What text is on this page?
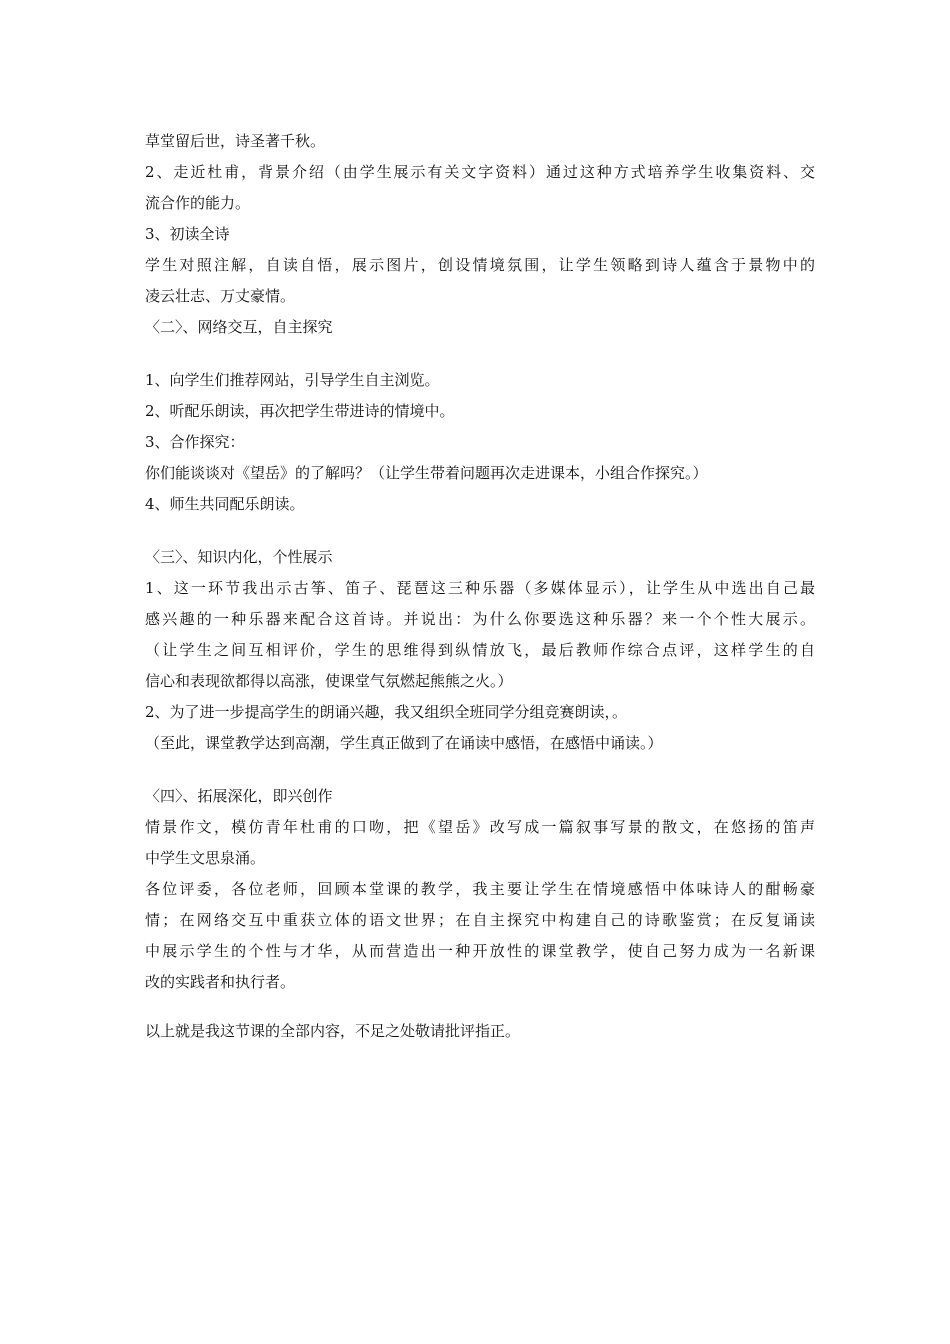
草堂留后世，诗圣著千秋。
2、走近杜甫，背景介绍（由学生展示有关文字资料）通过这种方式培养学生收集资料、交
流合作的能力。
3、初读全诗
学生对照注解，自读自悟，展示图片，创设情境氛围，让学生领略到诗人蕴含于景物中的
凌云壮志、万丈豪情。
〈二〉、网络交互，自主探究
1、向学生们推荐网站，引导学生自主浏览。
2、听配乐朗读，再次把学生带进诗的情境中。
3、合作探究：
你们能谈谈对《望岳》的了解吗？（让学生带着问题再次走进课本，小组合作探究。）
4、师生共同配乐朗读。
〈三〉、知识内化，个性展示
1、这一环节我出示古筝、笛子、琵琶这三种乐器（多媒体显示），让学生从中选出自己最
感兴趣的一种乐器来配合这首诗。并说出：为什么你要选这种乐器？来一个个性大展示。
（让学生之间互相评价，学生的思维得到纵情放飞，最后教师作综合点评，这样学生的自
信心和表现欲都得以高涨，使课堂气氛燃起熊熊之火。）
2、为了进一步提高学生的朗诵兴趣，我又组织全班同学分组竞赛朗读，。
（至此，课堂教学达到高潮，学生真正做到了在诵读中感悟，在感悟中诵读。）
〈四〉、拓展深化，即兴创作
情景作文，模仿青年杜甫的口吻，把《望岳》改写成一篇叙事写景的散文，在悠扬的笛声
中学生文思泉涌。
各位评委，各位老师，回顾本堂课的教学，我主要让学生在情境感悟中体味诗人的酣畅豪
情；在网络交互中重获立体的语文世界；在自主探究中构建自己的诗歌鉴赏；在反复诵读
中展示学生的个性与才华，从而营造出一种开放性的课堂教学，使自己努力成为一名新课
改的实践者和执行者。
以上就是我这节课的全部内容，不足之处敬请批评指正。
